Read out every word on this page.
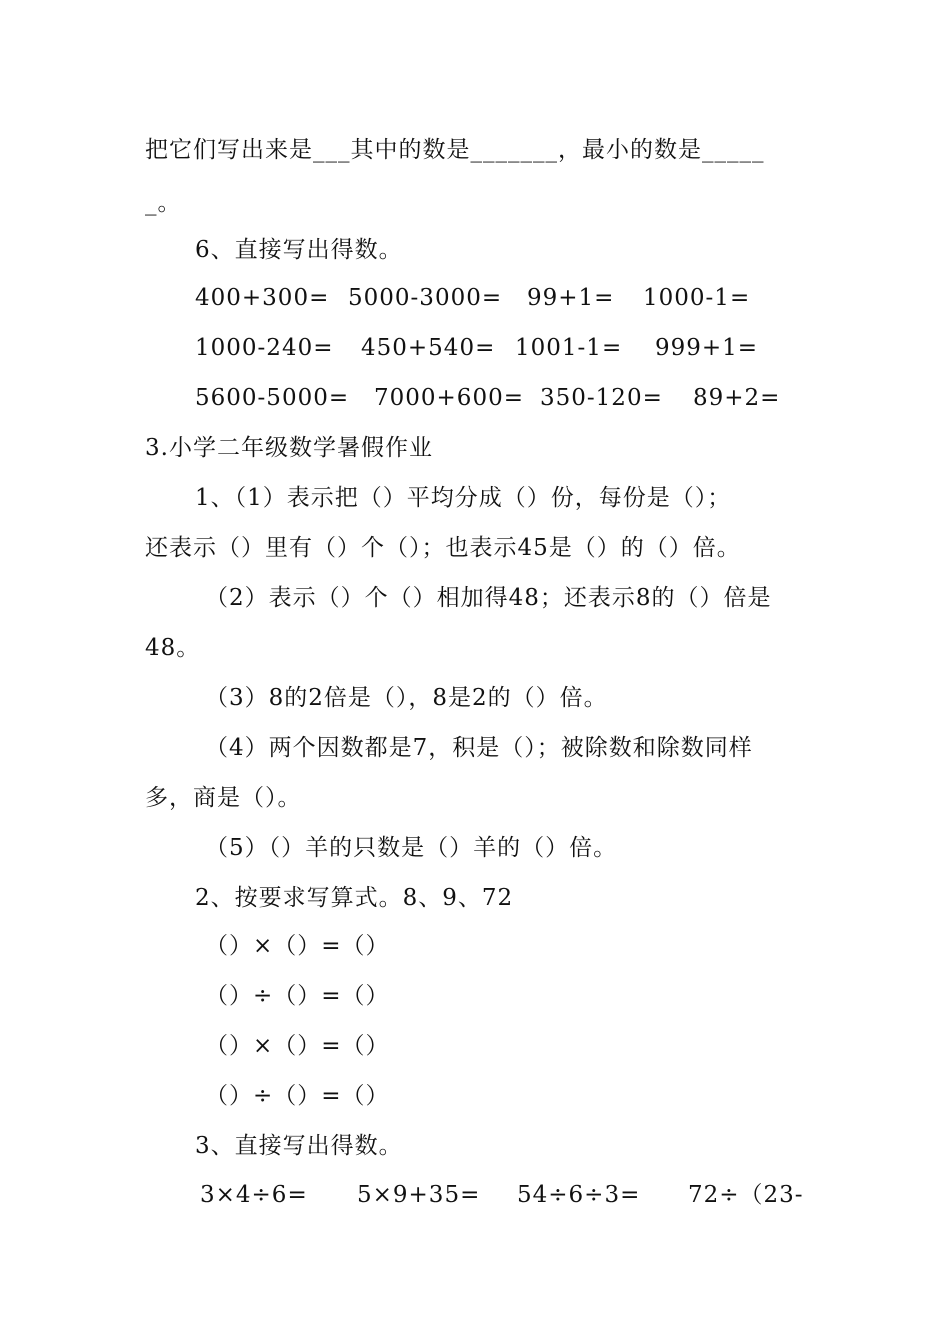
把它们写出来是___其中的数是_______，最小的数是_____
_。
6、直接写出得数。
400+300= 5000-3000= 99+1= 1000-1=
1000-240= 450+540= 1001-1= 999+1=
5600-5000= 7000+600= 350-120= 89+2=
3.小学二年级数学暑假作业
1、（1）表示把（）平均分成（）份，每份是（）；
还表示（）里有（）个（）；也表示45是（）的（）倍。
（2）表示（）个（）相加得48；还表示8的（）倍是
48。
（3）8的2倍是（），8是2的（）倍。
（4）两个因数都是7，积是（）；被除数和除数同样
多，商是（）。
（5）（）羊的只数是（）羊的（）倍。
2、按要求写算式。8、9、72
（）×（）=（）
（）÷（）=（）
（）×（）=（）
（）÷（）=（）
3、直接写出得数。
3×4÷6= 5×9+35= 54÷6÷3= 72÷（23-
